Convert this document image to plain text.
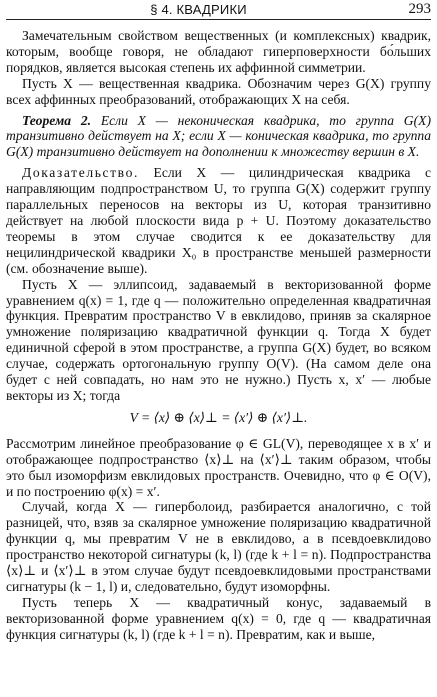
§ 4. КВАДРИКИ	293

Замечательным свойством вещественных (и комплексных) квадрик, которым, вообще говоря, не обладают гиперповерхности бо́льших порядков, является высокая степень их аффинной симметрии.

Пусть X — вещественная квадрика. Обозначим через G(X) группу всех аффинных преобразований, отображающих X на себя.

Теорема 2. Если X — неконическая квадрика, то группа G(X) транзитивно действует на X; если X — коническая квадрика, то группа G(X) транзитивно действует на дополнении к множеству вершин в X.

Доказательство. Если X — цилиндрическая квадрика с направляющим подпространством U, то группа G(X) содержит группу параллельных переносов на векторы из U, которая транзитивно действует на любой плоскости вида p + U. Поэтому доказательство теоремы в этом случае сводится к ее доказательству для нецилиндрической квадрики X₀ в пространстве меньшей размерности (см. обозначение выше).

Пусть X — эллипсоид, задаваемый в векторизованной форме уравнением q(x) = 1, где q — положительно определенная квадратичная функция. Превратим пространство V в евклидово, приняв за скалярное умножение поляризацию квадратичной функции q. Тогда X будет единичной сферой в этом пространстве, а группа G(X) будет, во всяком случае, содержать ортогональную группу O(V). (На самом деле она будет с ней совпадать, но нам это не нужно.) Пусть x, x′ — любые векторы из X; тогда

V = ⟨x⟩ ⊕ ⟨x⟩⊥ = ⟨x′⟩ ⊕ ⟨x′⟩⊥.

Рассмотрим линейное преобразование φ ∈ GL(V), переводящее x в x′ и отображающее подпространство ⟨x⟩⊥ на ⟨x′⟩⊥ таким образом, чтобы это был изоморфизм евклидовых пространств. Очевидно, что φ ∈ O(V), и по построению φ(x) = x′.

Случай, когда X — гиперболоид, разбирается аналогично, с той разницей, что, взяв за скалярное умножение поляризацию квадратичной функции q, мы превратим V не в евклидово, а в псевдоевклидово пространство некоторой сигнатуры (k, l) (где k + l = n). Подпространства ⟨x⟩⊥ и ⟨x′⟩⊥ в этом случае будут псевдоевклидовыми пространствами сигнатуры (k − 1, l) и, следовательно, будут изоморфны.

Пусть теперь X — квадратичный конус, задаваемый в векторизованной форме уравнением q(x) = 0, где q — квадратичная функция сигнатуры (k, l) (где k + l = n). Превратим, как и выше,
